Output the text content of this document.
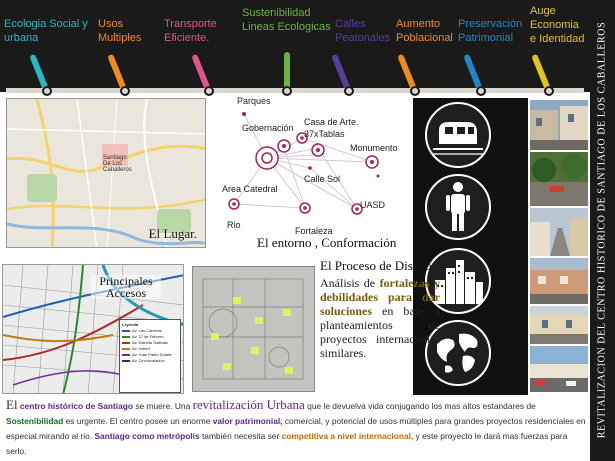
Ecologia Social y urbana
Usos Multiples
Transporte Eficiente.
Sustenibilidad Lineas Ecologicas Calles Peatonales
Aumento Poblacional
Preservación Patrimonial
Auge Economia e Identidad	REVITALIZACION DEL CENTRO HISTORICO DE SANTIAGO DE LOS CABALLEROS
Santiago De Los Caballeros
El Lugar.
Parques
Gobernación
Casa de Arte.
37xTablas
Monumento
Area Catedral
Calle Sol
UASD
Rio
Fortaleza
El entorno , Conformación
Principales Accesos
Leyenda
Av. Las Carreras
Av. 27 de Febrero
Av. Estrella Sadhalá
Av. Imbert
Av. Juan Pablo Duarte
Av. Circunvalación
El Proceso de Diseño
Análisis de fortalezas y debilidades para dar soluciones en base a planteamientos de proyectos internaciones similares.
El centro histórico de Santiago se muere. Una revitalización Urbana que le devuelva vida conjugando los mas altos estandares de Sostenibilidad es urgente. El centro posee un enorme valor patrimonial, comercial, y potencial de usos múltiples para grandes proyectos residenciales en especial mirando al rio. Santiago como metrópolis también necesita ser competitiva a nivel internacional, y este proyecto le dará mas fuerzas para serlo.
